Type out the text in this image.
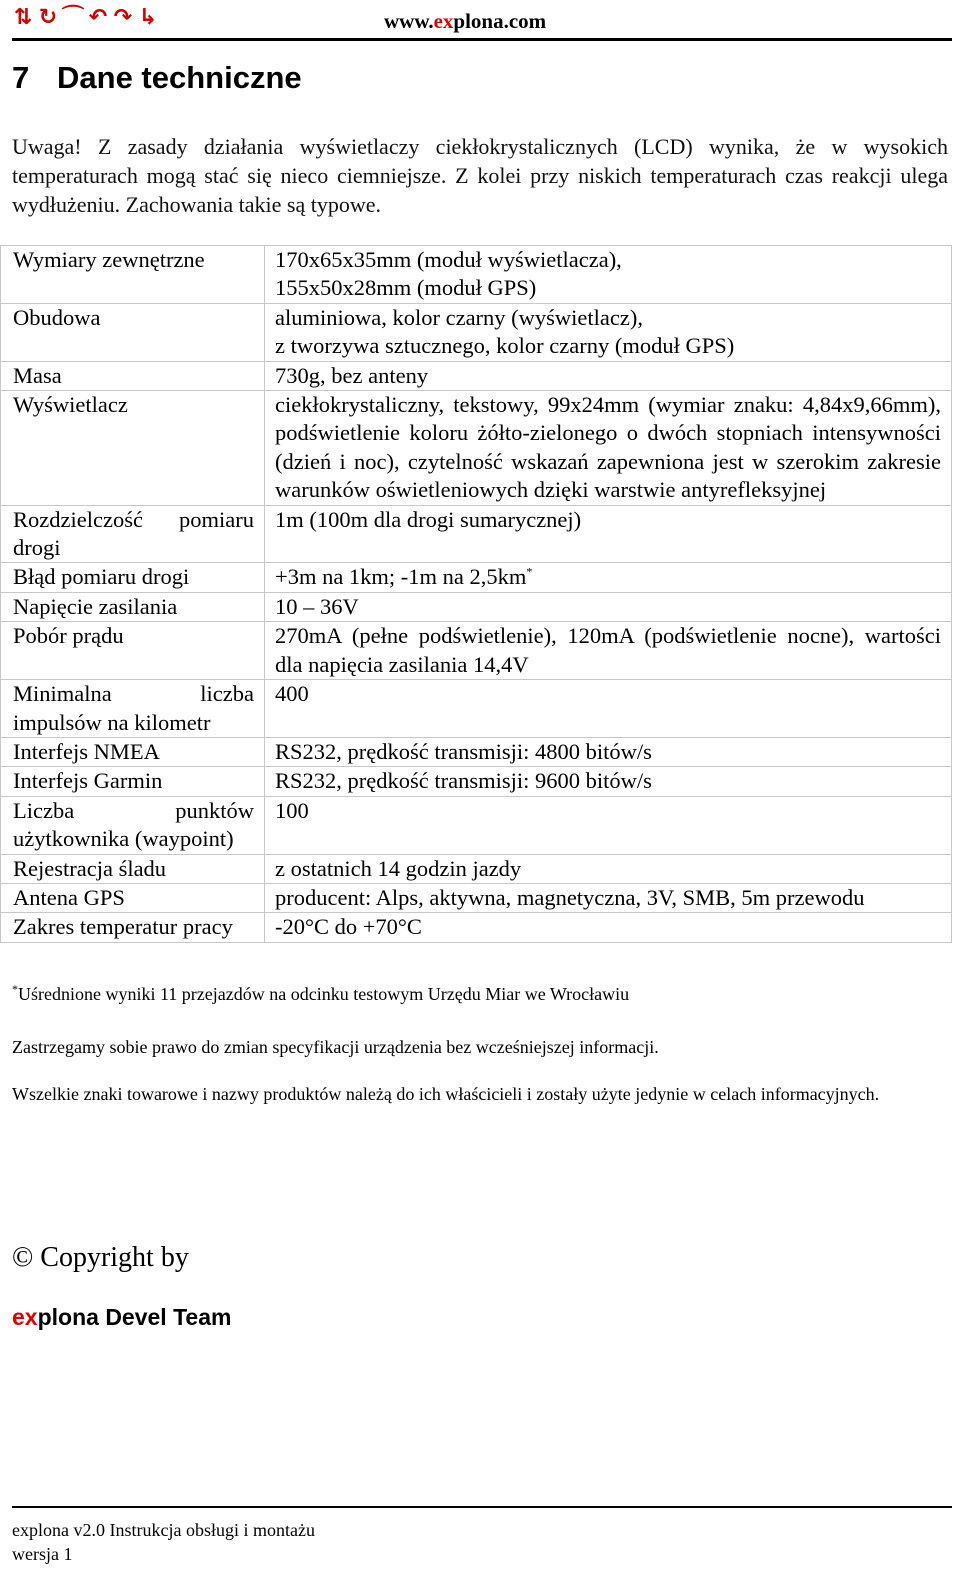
⇅ ↻ ⌒ ↶ ↷ ↳	www.explona.com
7 Dane techniczne

Uwaga! Z zasady działania wyświetlaczy ciekłokrystalicznych (LCD) wynika, że w wysokich temperaturach mogą stać się nieco ciemniejsze. Z kolei przy niskich temperaturach czas reakcji ulega wydłużeniu. Zachowania takie są typowe.

Wymiary zewnętrzne	170x65x35mm (moduł wyświetlacza),
155x50x28mm (moduł GPS)

Obudowa	aluminiowa, kolor czarny (wyświetlacz),
z tworzywa sztucznego, kolor czarny (moduł GPS)

Masa	730g, bez anteny

Wyświetlacz	ciekłokrystaliczny, tekstowy, 99x24mm (wymiar znaku: 4,84x9,66mm), podświetlenie koloru żółto-zielonego o dwóch stopniach intensywności (dzień i noc), czytelność wskazań zapewniona jest w szerokim zakresie warunków oświetleniowych dzięki warstwie antyrefleksyjnej

Rozdzielczość pomiaru drogi	1m (100m dla drogi sumarycznej)

Błąd pomiaru drogi	+3m na 1km; -1m na 2,5km*

Napięcie zasilania	10 – 36V

Pobór prądu	270mA (pełne podświetlenie), 120mA (podświetlenie nocne), wartości dla napięcia zasilania 14,4V

Minimalna liczba impulsów na kilometr	400

Interfejs NMEA	RS232, prędkość transmisji: 4800 bitów/s

Interfejs Garmin	RS232, prędkość transmisji: 9600 bitów/s

Liczba punktów użytkownika (waypoint)	100

Rejestracja śladu	z ostatnich 14 godzin jazdy

Antena GPS	producent: Alps, aktywna, magnetyczna, 3V, SMB, 5m przewodu

Zakres temperatur pracy	-20°C do +70°C

*Uśrednione wyniki 11 przejazdów na odcinku testowym Urzędu Miar we Wrocławiu

Zastrzegamy sobie prawo do zmian specyfikacji urządzenia bez wcześniejszej informacji.

Wszelkie znaki towarowe i nazwy produktów należą do ich właścicieli i zostały użyte jedynie w celach informacyjnych.

© Copyright by
explona Devel Team
explona v2.0 Instrukcja obsługi i montażu
wersja 1
